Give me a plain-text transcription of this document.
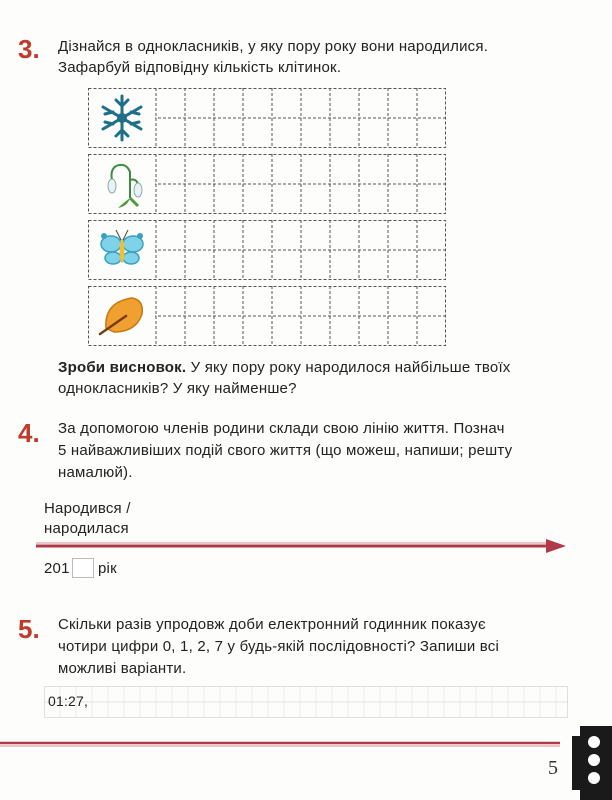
3. Дізнайся в однокласників, у яку пору року вони народилися.
Зафарбуй відповідну кількість клітинок.
Зроби висновок. У яку пору року народилося найбільше твоїх
однокласників? У яку найменше?
4. За допомогою членів родини склади свою лінію життя. Познач
5 найважливіших подій свого життя (що можеш, напиши; решту
намалюй).
Народився /
народилася
201 рік
5. Скільки разів упродовж доби електронний годинник показує
чотири цифри 0, 1, 2, 7 у будь-якій послідовності? Запиши всі
можливі варіанти.
01:27,
5
